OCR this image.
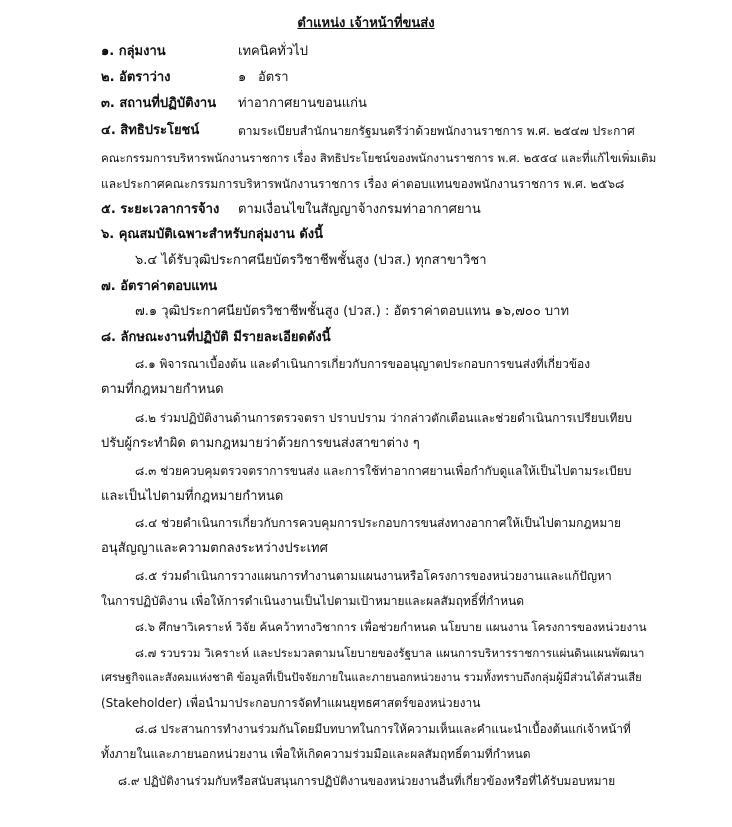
ตำแหน่ง เจ้าหน้าที่ขนส่ง
๑. กลุ่มงาน	เทคนิคทั่วไป
๒. อัตราว่าง	๑ อัตรา
๓. สถานที่ปฏิบัติงาน ท่าอากาศยานขอนแก่น
๔. สิทธิประโยชน์	ตามระเบียบสำนักนายกรัฐมนตรีว่าด้วยพนักงานราชการ พ.ศ. ๒๕๔๗ ประกาศ
คณะกรรมการบริหารพนักงานราชการ เรื่อง สิทธิประโยชน์ของพนักงานราชการ พ.ศ. ๒๕๕๔ และที่แก้ไขเพิ่มเติม
และประกาศคณะกรรมการบริหารพนักงานราชการ เรื่อง ค่าตอบแทนของพนักงานราชการ พ.ศ. ๒๕๖๘
๕. ระยะเวลาการจ้าง ตามเงื่อนไขในสัญญาจ้างกรมท่าอากาศยาน
๖. คุณสมบัติเฉพาะสำหรับกลุ่มงาน ดังนี้
๖.๔ ได้รับวุฒิประกาศนียบัตรวิชาชีพชั้นสูง (ปวส.) ทุกสาขาวิชา
๗. อัตราค่าตอบแทน
๗.๑ วุฒิประกาศนียบัตรวิชาชีพชั้นสูง (ปวส.) : อัตราค่าตอบแทน ๑๖,๗๐๐ บาท
๘. ลักษณะงานที่ปฏิบัติ มีรายละเอียดดังนี้
๘.๑ พิจารณาเบื้องต้น และดำเนินการเกี่ยวกับการขออนุญาตประกอบการขนส่งที่เกี่ยวข้อง
ตามที่กฎหมายกำหนด
๘.๒ ร่วมปฏิบัติงานด้านการตรวจตรา ปราบปราม ว่ากล่าวตักเตือนและช่วยดำเนินการเปรียบเทียบ
ปรับผู้กระทำผิด ตามกฎหมายว่าด้วยการขนส่งสาขาต่าง ๆ
๘.๓ ช่วยควบคุมตรวจตราการขนส่ง และการใช้ท่าอากาศยานเพื่อกำกับดูแลให้เป็นไปตามระเบียบ
และเป็นไปตามที่กฎหมายกำหนด
๘.๔ ช่วยดำเนินการเกี่ยวกับการควบคุมการประกอบการขนส่งทางอากาศให้เป็นไปตามกฎหมาย
อนุสัญญาและความตกลงระหว่างประเทศ
๘.๕ ร่วมดำเนินการวางแผนการทำงานตามแผนงานหรือโครงการของหน่วยงานและแก้ปัญหา
ในการปฏิบัติงาน เพื่อให้การดำเนินงานเป็นไปตามเป้าหมายและผลสัมฤทธิ์ที่กำหนด
๘.๖ ศึกษาวิเคราะห์ วิจัย ค้นคว้าทางวิชาการ เพื่อช่วยกำหนด นโยบาย แผนงาน โครงการของหน่วยงาน
๘.๗ รวบรวม วิเคราะห์ และประมวลตามนโยบายของรัฐบาล แผนการบริหารราชการแผ่นดินแผนพัฒนา
เศรษฐกิจและสังคมแห่งชาติ ข้อมูลที่เป็นปัจจัยภายในและภายนอกหน่วยงาน รวมทั้งทราบถึงกลุ่มผู้มีส่วนได้ส่วนเสีย
(Stakeholder) เพื่อนำมาประกอบการจัดทำแผนยุทธศาสตร์ของหน่วยงาน
๘.๘ ประสานการทำงานร่วมกันโดยมีบทบาทในการให้ความเห็นและคำแนะนำเบื้องต้นแก่เจ้าหน้าที่
ทั้งภายในและภายนอกหน่วยงาน เพื่อให้เกิดความร่วมมือและผลสัมฤทธิ์ตามที่กำหนด
๘.๙ ปฏิบัติงานร่วมกับหรือสนับสนุนการปฏิบัติงานของหน่วยงานอื่นที่เกี่ยวข้องหรือที่ได้รับมอบหมาย
